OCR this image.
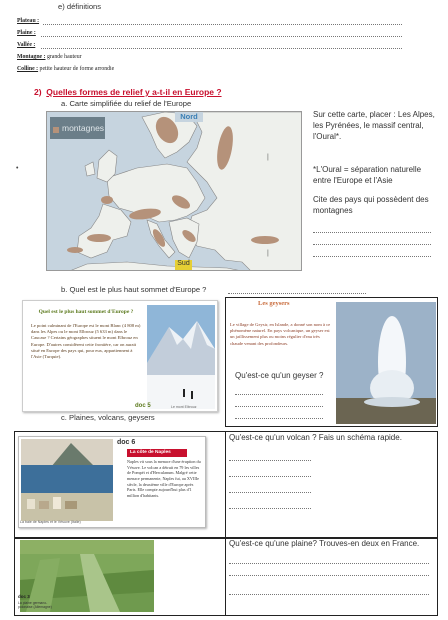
e) définitions
Plateau :
Plaine :
Vallée :
Montagne : grande hauteur
Colline : petite hauteur de forme arrondie
2) Quelles formes de relief y a-t-il en Europe ?
a. Carte simplifiée du relief de l'Europe
montagnes
Nord
Sud
|
|
•
Sur cette carte, placer : Les Alpes, les Pyrénées, le massif central, l'Oural*.
*L'Oural = séparation naturelle entre l'Europe et l'Asie
Cite des pays qui possèdent des montagnes
b. Quel est le plus haut sommet d'Europe ?
Quel est le plus haut sommet d'Europe ?
Le point culminant de l'Europe est le mont Blanc (4 808 m) dans les Alpes ou le mont Elbrouz (5 633 m) dans le Caucase ? Certains géographes situent le mont Elbrouz en Europe. D'autres considèrent cette frontière, car on aurait situé en Europe des pays qui, pour eux, appartiennent à l'Asie (Turquie).
doc 5	Le mont Elbrouz
Les geysers
Le village de Geysir, en Islande, a donné son nom à ce phénomène naturel. En pays volcanique, un geyser est un jaillissement plus ou moins régulier d'eau très chaude venant des profondeurs.
Qu'est-ce qu'un geyser ?
c. Plaines, volcans, geysers
doc 6
La côte de Naples
Naples vit sous la menace d'une éruption du Vésuve. Le volcan a détruit en 79 les villes de Pompéi et d'Herculanum. Malgré cette menace permanente, Naples fut, au XVIIIe siècle, la deuxième ville d'Europe après Paris. Elle compte aujourd'hui plus d'1 million d'habitants.
La baie de Naples et le Vésuve (Italie)
Qu'est-ce qu'un volcan ? Fais un schéma rapide.
doc 3
La plaine germano-polonaise (Allemagne)
Qu'est-ce qu'une plaine? Trouves-en deux en France.
